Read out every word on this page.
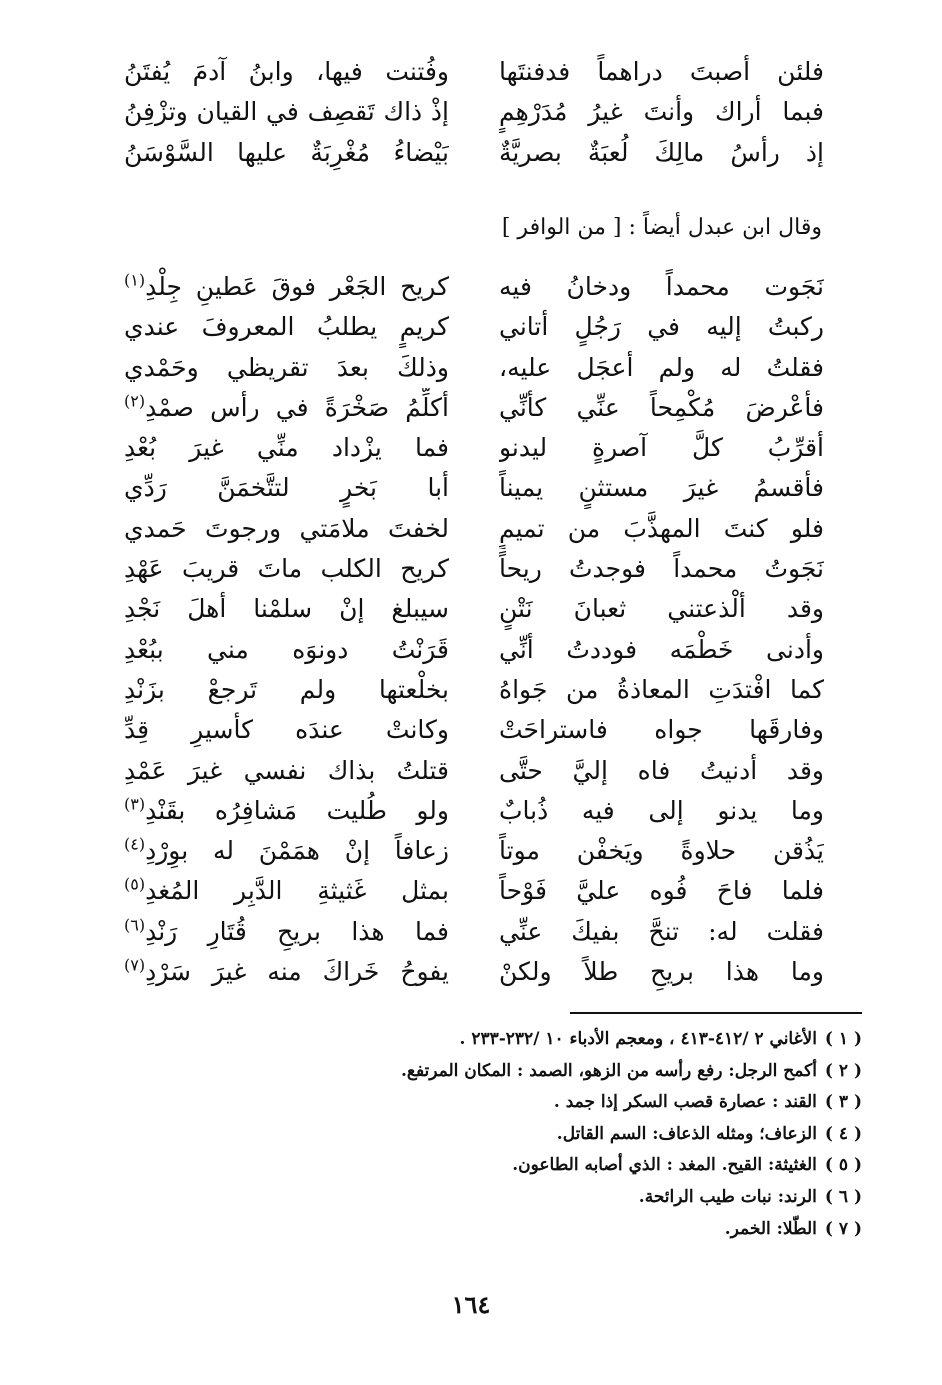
فلئن أصبتَ دراهماً فدفنتَها
وفُتنت فيها، وابنُ آدمَ يُفتَنُ
فبما أراك وأنتَ غيرُ مُدَرْهِمٍ
إذْ ذاك تَقصِف في القيان وتزْفِنُ
إذ رأسُ مالِكَ لُعبَةٌ بصريَّةٌ
بَيْضاءُ مُغْرِبَةٌ عليها السَّوْسَنُ
وقال ابن عبدل أيضاً : [ من الوافر ]
نَجَوت محمداً ودخانُ فيه
كريح الجَعْر فوقَ عَطينِ جِلْدِ$^{(١)}$
ركبتُ إليه في رَجُلٍ أتاني
كريمٍ يطلبُ المعروفَ عندي
فقلتُ له ولم أعجَل عليه،
وذلكَ بعدَ تقريظي وحَمْدي
فأعْرضَ مُكْمِحاً عنِّي كأنِّي
أكلِّمُ صَخْرَةً في رأس صمْدِ$^{(٢)}$
أقرِّبُ كلَّ آصرةٍ ليدنو
فما يزْداد منِّي غيرَ بُعْدِ
فأقسمُ غيرَ مستثنٍ يميناً
أبا بَخرٍ لتتَّخمَنَّ رَدِّي
فلو كنتَ المهذَّبَ من تميمٍ
لخفتَ ملامَتي ورجوتَ حَمدي
نَجَوتُ محمداً فوجدتُ ريحاً
كريح الكلب ماتَ قريبَ عَهْدِ
وقد ألْذعتني ثعبانَ نَتْنٍ
سيبلغ إنْ سلمْنا أهلَ نَجْدِ
وأدنى خَطْمَه فوددتُ أنِّي
قَرَنْتُ دونوَه مني ببُعْدِ
كما افْتدَتِ المعاذةُ من جَواهُ
بخلْعتها ولم تَرجعْ بزَنْدِ
وفارقَها جواه فاستراحَتْ
وكانتْ عندَه كأسيرِ قِدِّ
وقد أدنيتُ فاه إليَّ حتَّى
قتلتُ بذاك نفسي غيرَ عَمْدِ
وما يدنو إلى فيه ذُبابٌ
ولو طُليت مَشافِرُه بقَنْدِ$^{(٣)}$
يَذُقن حلاوةً ويَخفْن موتاً
زعافاً إنْ همَمْنَ له بوِرْدِ$^{(٤)}$
فلما فاحَ فُوه عليَّ فَوْحاً
بمثل غَثيثةِ الدَّبِر المُغدِ$^{(٥)}$
فقلت له: تنحَّ بفيكَ عنِّي
فما هذا بريحِ قُتَارِ رَنْدِ$^{(٦)}$
وما هذا بريحِ طلاً ولكنْ
يفوحُ خَراكَ منه غيرَ سَرْدِ$^{(٧)}$
( ١ )الأغاني ٢ /٤١٢-٤١٣ ، ومعجم الأدباء ١٠ /٢٣٢-٢٣٣ .
( ٢ )أكمح الرجل: رفع رأسه من الزهو، الصمد : المكان المرتفع.
( ٣ )القند : عصارة قصب السكر إذا جمد .
( ٤ )الزعاف؛ ومثله الذعاف: السم القاتل.
( ٥ )الغثيثة: القيح. المغد : الذي أصابه الطاعون.
( ٦ )الرند: نبات طيب الرائحة.
( ٧ )الطّلا: الخمر.
١٦٤
